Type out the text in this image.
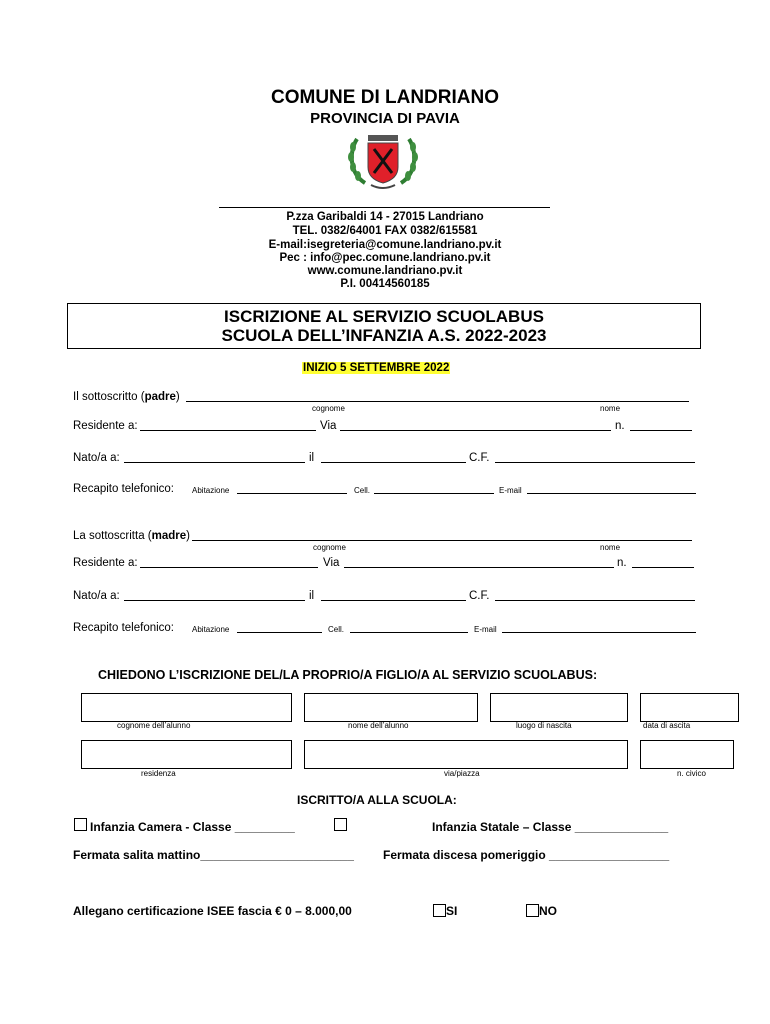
COMUNE DI LANDRIANO
PROVINCIA DI PAVIA
P.zza Garibaldi 14 - 27015 Landriano
TEL. 0382/64001 FAX 0382/615581
E-mail:isegreteria@comune.landriano.pv.it
Pec : info@pec.comune.landriano.pv.it
www.comune.landriano.pv.it
P.I. 00414560185
ISCRIZIONE AL SERVIZIO SCUOLABUS
SCUOLA DELL’INFANZIA A.S. 2022-2023
INIZIO 5 SETTEMBRE 2022
Il sottoscritto (padre)
cognome	nome
Residente a:	Via	n.
Nato/a a:	il	C.F.
Recapito telefonico: Abitazione	Cell.	E-mail
La sottoscritta (madre)
cognome	nome
Residente a:	Via	n.
Nato/a a:	il	C.F.
Recapito telefonico: Abitazione	Cell.	E-mail
CHIEDONO L’ISCRIZIONE DEL/LA PROPRIO/A FIGLIO/A AL SERVIZIO SCUOLABUS:
cognome dell’alunno	nome dell’alunno	luogo di nascita	data di ascita
residenza	via/piazza	n. civico
ISCRITTO/A ALLA SCUOLA:
Infanzia Camera - Classe _________	Infanzia Statale – Classe ______________
Fermata salita mattino_______________________ Fermata discesa pomeriggio __________________
Allegano certificazione ISEE fascia € 0 – 8.000,00	SI	NO
